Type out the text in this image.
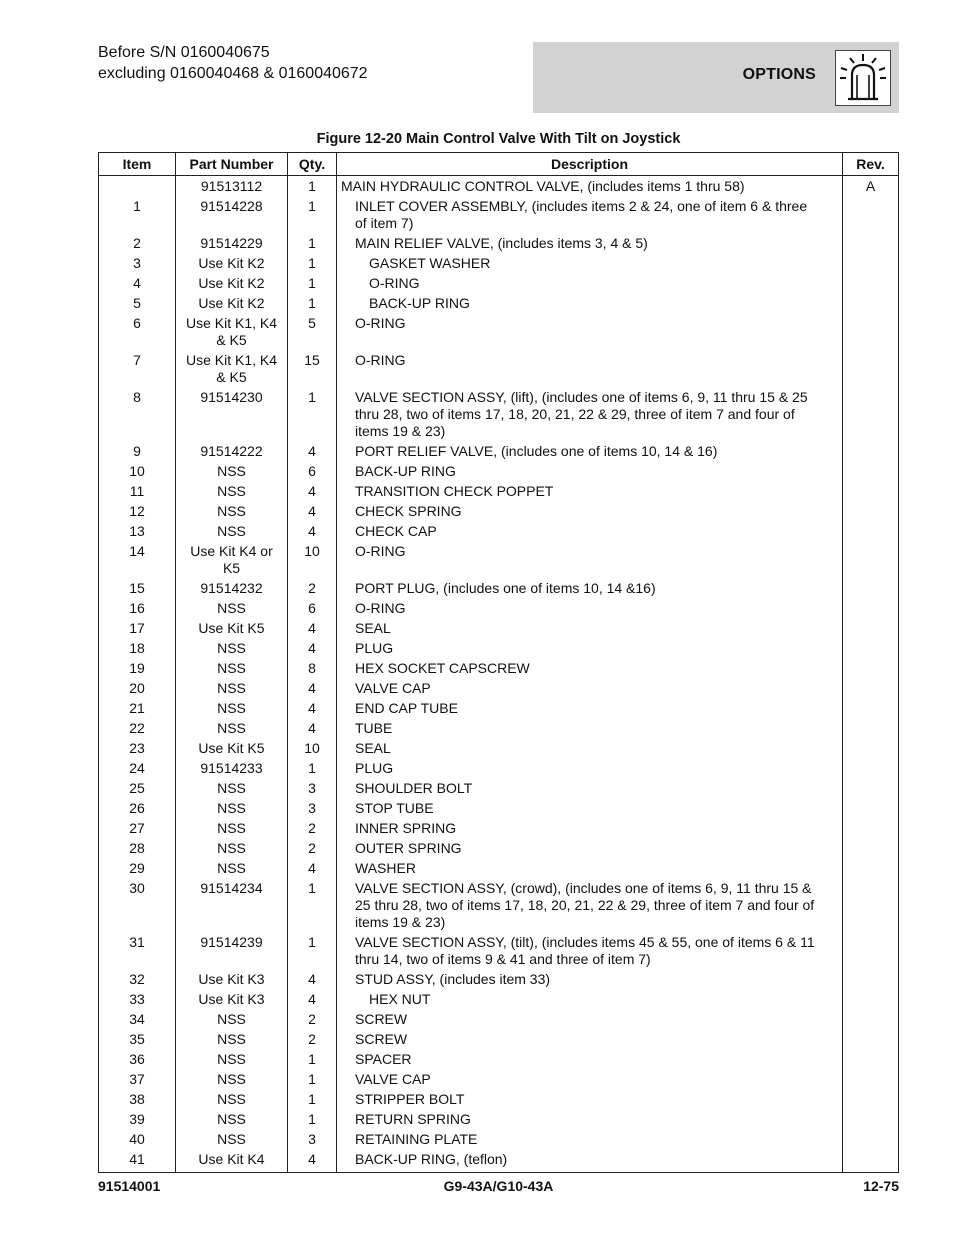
Before S/N 0160040675
excluding 0160040468 & 0160040672	OPTIONS
Figure 12-20 Main Control Valve With Tilt on Joystick
Item	Part Number	Qty.	Description	Rev.
	91513112	1	MAIN HYDRAULIC CONTROL VALVE, (includes items 1 thru 58)	A
1	91514228	1	INLET COVER ASSEMBLY, (includes items 2 & 24, one of item 6 & three of item 7)	

2	91514229	1	MAIN RELIEF VALVE, (includes items 3, 4 & 5)	

3	Use Kit K2	1	GASKET WASHER	

4	Use Kit K2	1	O-RING	

5	Use Kit K2	1	BACK-UP RING	

6	Use Kit K1, K4 & K5	5	O-RING	

7	Use Kit K1, K4 & K5	15	O-RING	

8	91514230	1	VALVE SECTION ASSY, (lift), (includes one of items 6, 9, 11 thru 15 & 25 thru 28, two of items 17, 18, 20, 21, 22 & 29, three of item 7 and four of items 19 & 23)	

9	91514222	4	PORT RELIEF VALVE, (includes one of items 10, 14 & 16)	

10	NSS	6	BACK-UP RING	

11	NSS	4	TRANSITION CHECK POPPET	

12	NSS	4	CHECK SPRING	

13	NSS	4	CHECK CAP	

14	Use Kit K4 or K5	10	O-RING	

15	91514232	2	PORT PLUG, (includes one of items 10, 14 &16)	

16	NSS	6	O-RING	

17	Use Kit K5	4	SEAL	

18	NSS	4	PLUG	

19	NSS	8	HEX SOCKET CAPSCREW	

20	NSS	4	VALVE CAP	

21	NSS	4	END CAP TUBE	

22	NSS	4	TUBE	

23	Use Kit K5	10	SEAL	

24	91514233	1	PLUG	

25	NSS	3	SHOULDER BOLT	

26	NSS	3	STOP TUBE	

27	NSS	2	INNER SPRING	

28	NSS	2	OUTER SPRING	

29	NSS	4	WASHER	

30	91514234	1	VALVE SECTION ASSY, (crowd), (includes one of items 6, 9, 11 thru 15 & 25 thru 28, two of items 17, 18, 20, 21, 22 & 29, three of item 7 and four of items 19 & 23)	

31	91514239	1	VALVE SECTION ASSY, (tilt), (includes items 45 & 55, one of items 6 & 11 thru 14, two of items 9 & 41 and three of item 7)	

32	Use Kit K3	4	STUD ASSY, (includes item 33)	

33	Use Kit K3	4	HEX NUT	

34	NSS	2	SCREW	

35	NSS	2	SCREW	

36	NSS	1	SPACER	

37	NSS	1	VALVE CAP	

38	NSS	1	STRIPPER BOLT	

39	NSS	1	RETURN SPRING	

40	NSS	3	RETAINING PLATE	

41	Use Kit K4	4	BACK-UP RING, (teflon)	

91514001	G9-43A/G10-43A	12-75
